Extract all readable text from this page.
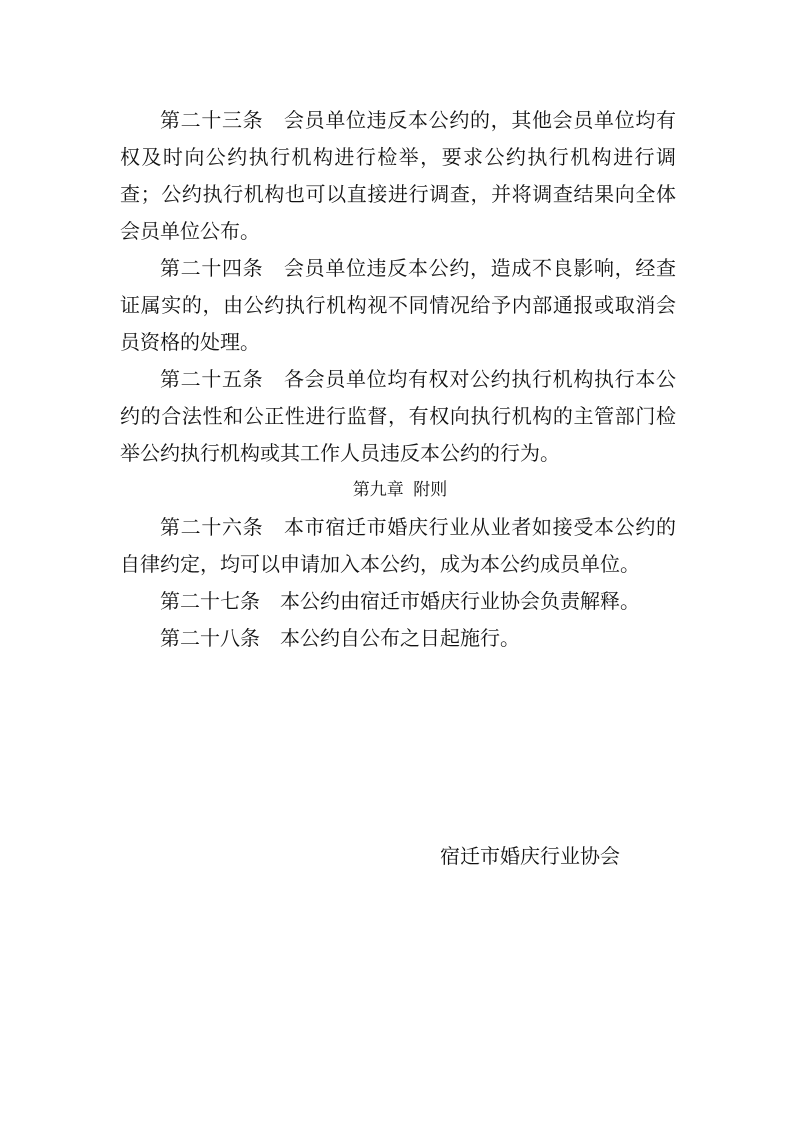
第二十三条　 会员单位违反本公约的，其他会员单位均有权及时向公约执行机构进行检举，要求公约执行机构进行调查；公约执行机构也可以直接进行调查，并将调查结果向全体会员单位公布。

第二十四条　 会员单位违反本公约，造成不良影响，经查证属实的，由公约执行机构视不同情况给予内部通报或取消会员资格的处理。

第二十五条　 各会员单位均有权对公约执行机构执行本公约的合法性和公正性进行监督，有权向执行机构的主管部门检举公约执行机构或其工作人员违反本公约的行为。

第九章 附则

第二十六条　 本市宿迁市婚庆行业从业者如接受本公约的自律约定，均可以申请加入本公约，成为本公约成员单位。

第二十七条　 本公约由宿迁市婚庆行业协会负责解释。

第二十八条　 本公约自公布之日起施行。

宿迁市婚庆行业协会
